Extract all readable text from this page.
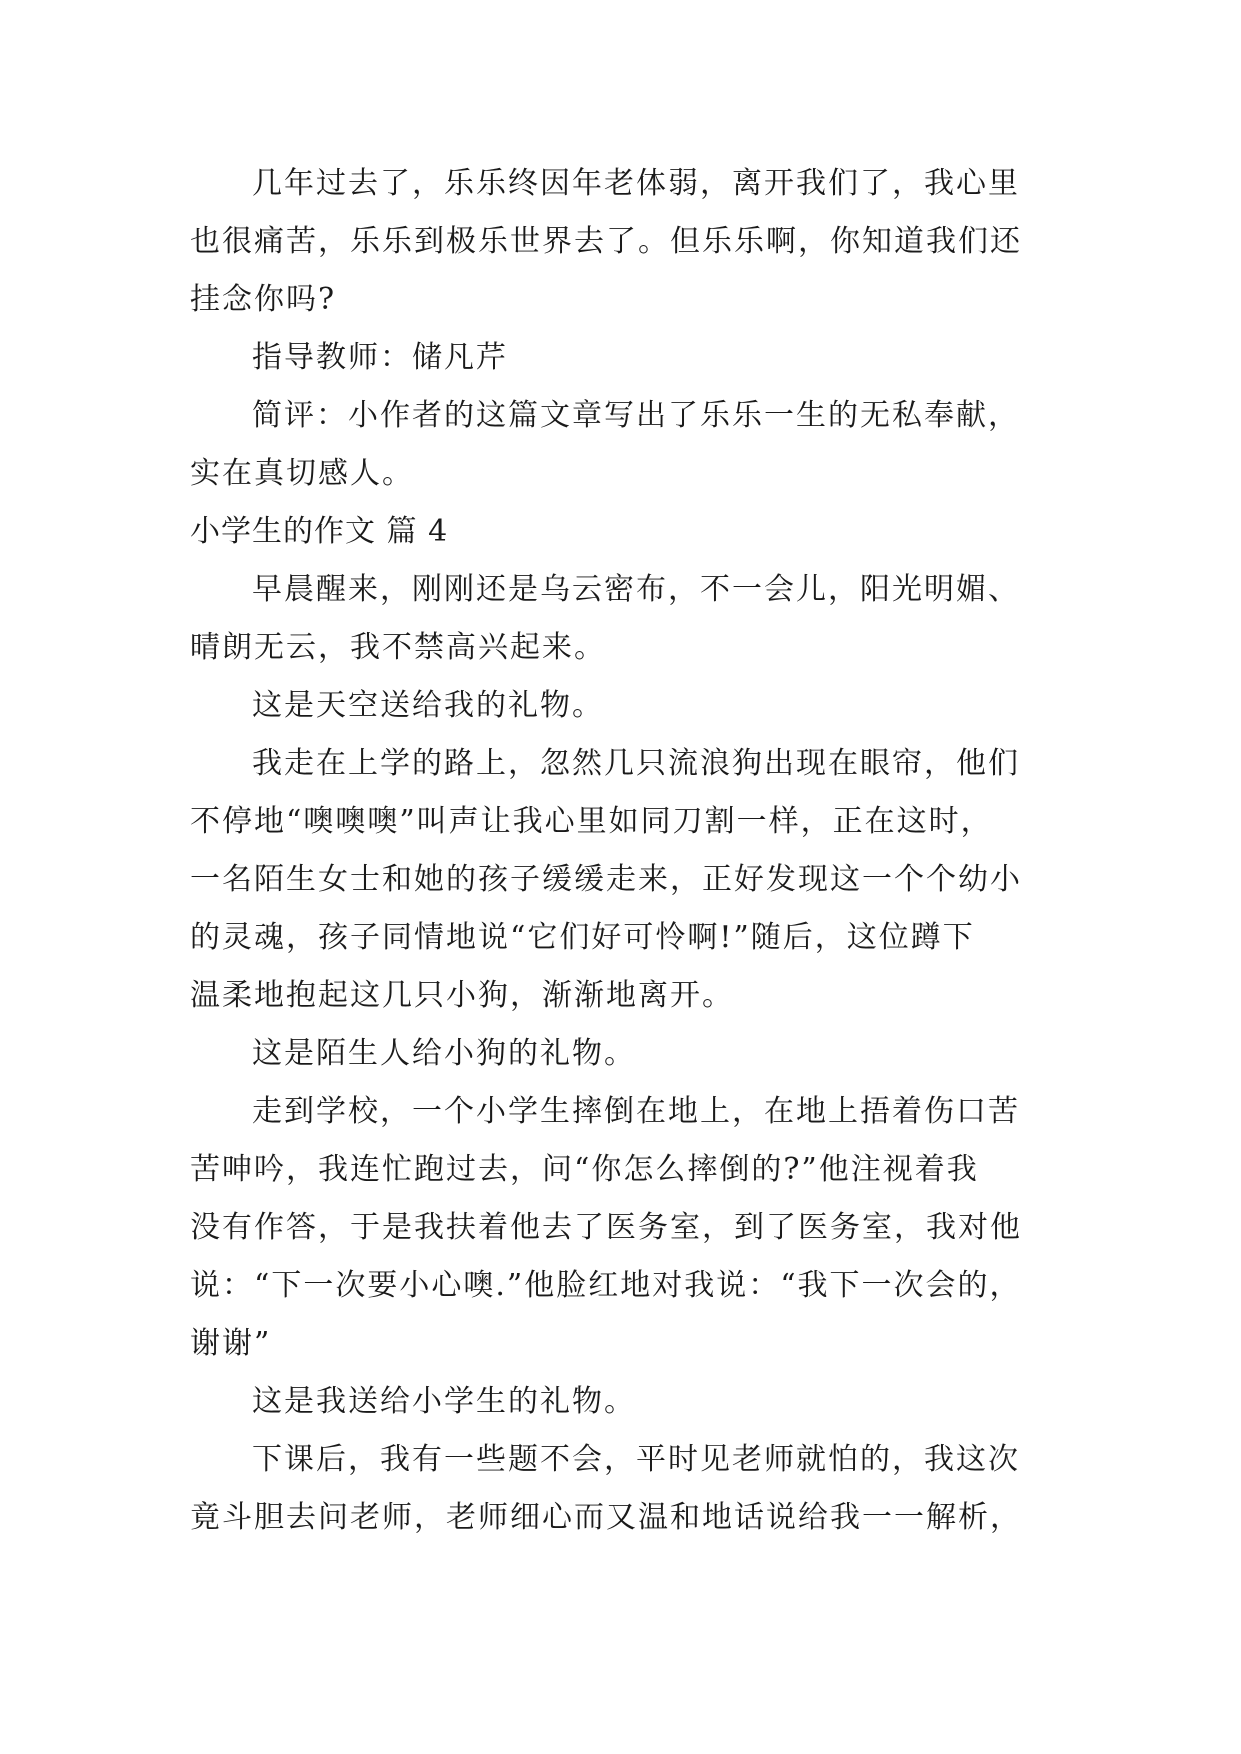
几年过去了，乐乐终因年老体弱，离开我们了，我心里
也很痛苦，乐乐到极乐世界去了。但乐乐啊，你知道我们还
挂念你吗?
指导教师：储凡芹
简评：小作者的这篇文章写出了乐乐一生的无私奉献，
实在真切感人。
小学生的作文 篇 4
早晨醒来，刚刚还是乌云密布，不一会儿，阳光明媚、
晴朗无云，我不禁高兴起来。
这是天空送给我的礼物。
我走在上学的路上，忽然几只流浪狗出现在眼帘，他们
不停地“噢噢噢”叫声让我心里如同刀割一样，正在这时，
一名陌生女士和她的孩子缓缓走来，正好发现这一个个幼小
的灵魂，孩子同情地说“它们好可怜啊!”随后，这位蹲下
温柔地抱起这几只小狗，渐渐地离开。
这是陌生人给小狗的礼物。
走到学校，一个小学生摔倒在地上，在地上捂着伤口苦
苦呻吟，我连忙跑过去，问“你怎么摔倒的?”他注视着我
没有作答，于是我扶着他去了医务室，到了医务室，我对他
说：“下一次要小心噢.”他脸红地对我说：“我下一次会的，
谢谢”
这是我送给小学生的礼物。
下课后，我有一些题不会，平时见老师就怕的，我这次
竟斗胆去问老师，老师细心而又温和地话说给我一一解析，
